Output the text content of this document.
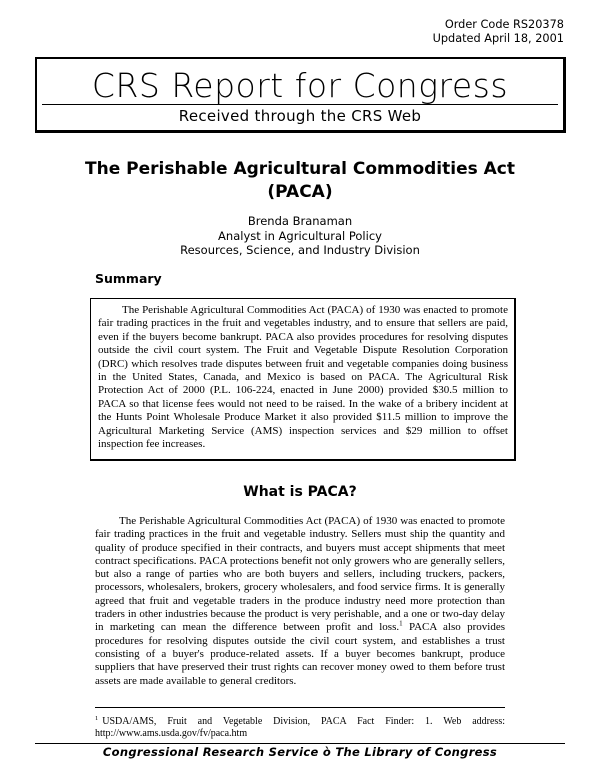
Order Code RS20378
Updated April 18, 2001
CRS Report for Congress
Received through the CRS Web
The Perishable Agricultural Commodities Act (PACA)
Brenda Branaman
Analyst in Agricultural Policy
Resources, Science, and Industry Division
Summary

The Perishable Agricultural Commodities Act (PACA) of 1930 was enacted to promote fair trading practices in the fruit and vegetables industry, and to ensure that sellers are paid, even if the buyers become bankrupt. PACA also provides procedures for resolving disputes outside the civil court system. The Fruit and Vegetable Dispute Resolution Corporation (DRC) which resolves trade disputes between fruit and vegetable companies doing business in the United States, Canada, and Mexico is based on PACA. The Agricultural Risk Protection Act of 2000 (P.L. 106-224, enacted in June 2000) provided $30.5 million to PACA so that license fees would not need to be raised. In the wake of a bribery incident at the Hunts Point Wholesale Produce Market it also provided $11.5 million to improve the Agricultural Marketing Service (AMS) inspection services and $29 million to offset inspection fee increases.

What is PACA?

The Perishable Agricultural Commodities Act (PACA) of 1930 was enacted to promote fair trading practices in the fruit and vegetable industry. Sellers must ship the quantity and quality of produce specified in their contracts, and buyers must accept shipments that meet contract specifications. PACA protections benefit not only growers who are generally sellers, but also a range of parties who are both buyers and sellers, including truckers, packers, processors, wholesalers, brokers, grocery wholesalers, and food service firms. It is generally agreed that fruit and vegetable traders in the produce industry need more protection than traders in other industries because the product is very perishable, and a one or two-day delay in marketing can mean the difference between profit and loss.$^1$ PACA also provides procedures for resolving disputes outside the civil court system, and establishes a trust consisting of a buyer's produce-related assets. If a buyer becomes bankrupt, produce suppliers that have preserved their trust rights can recover money owed to them before trust assets are made available to general creditors.

$^1$ USDA/AMS, Fruit and Vegetable Division, PACA Fact Finder: 1. Web address: http://www.ams.usda.gov/fv/paca.htm

Congressional Research Service ò The Library of Congress
